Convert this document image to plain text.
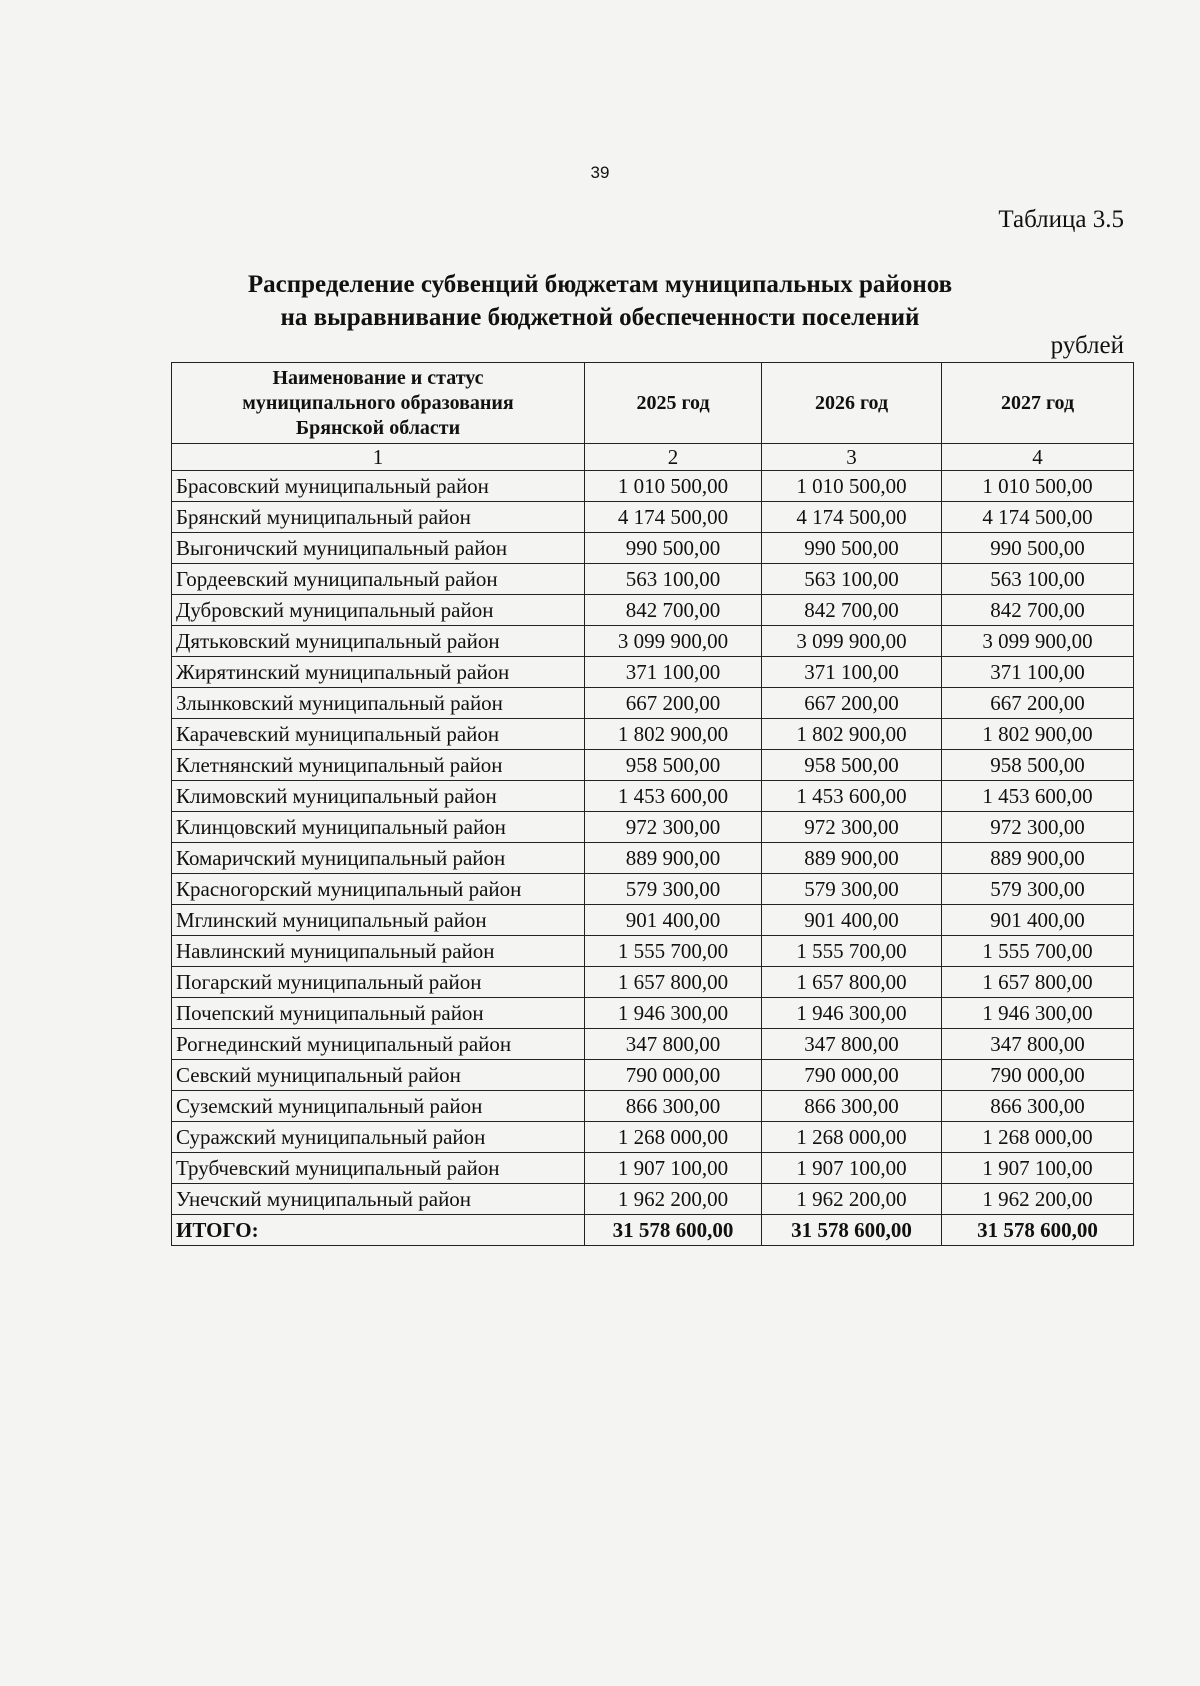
39
Таблица 3.5
Распределение субвенций бюджетам муниципальных районов
на выравнивание бюджетной обеспеченности поселений
рублей
Наименование и статус
муниципального образования
Брянской области	2025 год	2026 год	2027 год
1	2	3	4
Брасовский муниципальный район	1 010 500,00	1 010 500,00	1 010 500,00
Брянский муниципальный район	4 174 500,00	4 174 500,00	4 174 500,00
Выгоничский муниципальный район	990 500,00	990 500,00	990 500,00
Гордеевский муниципальный район	563 100,00	563 100,00	563 100,00
Дубровский муниципальный район	842 700,00	842 700,00	842 700,00
Дятьковский муниципальный район	3 099 900,00	3 099 900,00	3 099 900,00
Жирятинский муниципальный район	371 100,00	371 100,00	371 100,00
Злынковский муниципальный район	667 200,00	667 200,00	667 200,00
Карачевский муниципальный район	1 802 900,00	1 802 900,00	1 802 900,00
Клетнянский муниципальный район	958 500,00	958 500,00	958 500,00
Климовский муниципальный район	1 453 600,00	1 453 600,00	1 453 600,00
Клинцовский муниципальный район	972 300,00	972 300,00	972 300,00
Комаричский муниципальный район	889 900,00	889 900,00	889 900,00
Красногорский муниципальный район	579 300,00	579 300,00	579 300,00
Мглинский муниципальный район	901 400,00	901 400,00	901 400,00
Навлинский муниципальный район	1 555 700,00	1 555 700,00	1 555 700,00
Погарский муниципальный район	1 657 800,00	1 657 800,00	1 657 800,00
Почепский муниципальный район	1 946 300,00	1 946 300,00	1 946 300,00
Рогнединский муниципальный район	347 800,00	347 800,00	347 800,00
Севский муниципальный район	790 000,00	790 000,00	790 000,00
Суземский муниципальный район	866 300,00	866 300,00	866 300,00
Суражский муниципальный район	1 268 000,00	1 268 000,00	1 268 000,00
Трубчевский муниципальный район	1 907 100,00	1 907 100,00	1 907 100,00
Унечский муниципальный район	1 962 200,00	1 962 200,00	1 962 200,00
ИТОГО:	31 578 600,00	31 578 600,00	31 578 600,00
